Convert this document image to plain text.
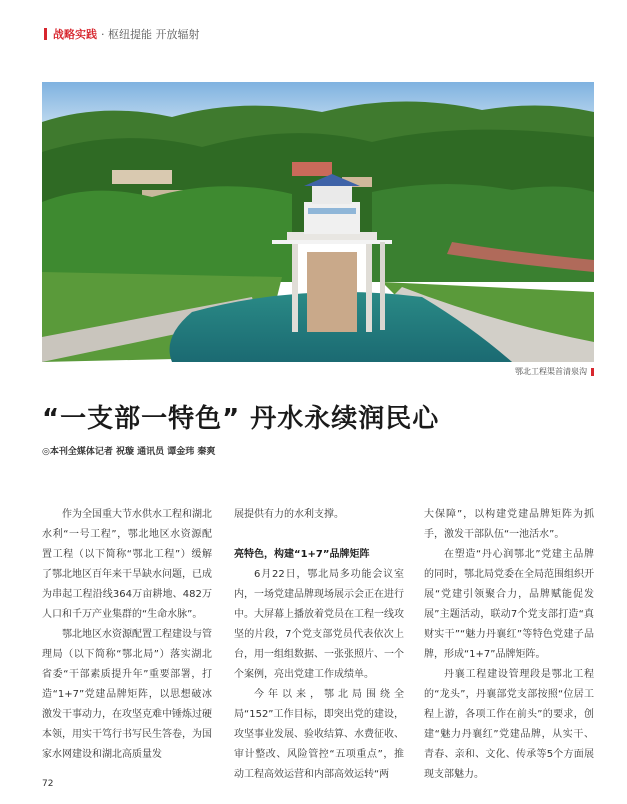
战略实践 · 枢纽提能 开放辐射
鄂北工程渠首清泉沟
“一支部一特色” 丹水永续润民心
◎本刊全媒体记者 祝璇 通讯员 谭金玮 秦爽

作为全国重大节水供水工程和湖北水利“一号工程”，鄂北地区水资源配置工程（以下简称“鄂北工程”）缓解了鄂北地区百年来干旱缺水问题，已成为串起工程沿线364万亩耕地、482万人口和千万产业集群的“生命水脉”。

鄂北地区水资源配置工程建设与管理局（以下简称“鄂北局”）落实湖北省委“干部素质提升年”重要部署，打造“1+7”党建品牌矩阵，以思想破冰激发干事动力，在攻坚克难中锤炼过硬本领，用实干笃行书写民生答卷，为国家水网建设和湖北高质量发

展提供有力的水利支撑。

亮特色，构建“1+7”品牌矩阵

6月22日，鄂北局多功能会议室内，一场党建品牌现场展示会正在进行中。大屏幕上播放着党员在工程一线攻坚的片段，7个党支部党员代表依次上台，用一组组数据、一张张照片、一个个案例，亮出党建工作成绩单。

今年以来，鄂北局围绕全局“152”工作目标，即突出党的建设，攻坚事业发展、验收结算、水费征收、审计整改、风险管控“五项重点”，推动工程高效运营和内部高效运转“两

大保障”，以构建党建品牌矩阵为抓手，激发干部队伍“一池活水”。

在塑造“丹心润鄂北”党建主品牌的同时，鄂北局党委在全局范围组织开展“党建引领聚合力，品牌赋能促发展”主题活动，联动7个党支部打造“真财实干”“魅力丹襄红”等特色党建子品牌，形成“1+7”品牌矩阵。

丹襄工程建设管理段是鄂北工程的“龙头”，丹襄部党支部按照“位居工程上游，各项工作在前头”的要求，创建“魅力丹襄红”党建品牌，从实干、青春、亲和、文化、传承等5个方面展现支部魅力。

72
